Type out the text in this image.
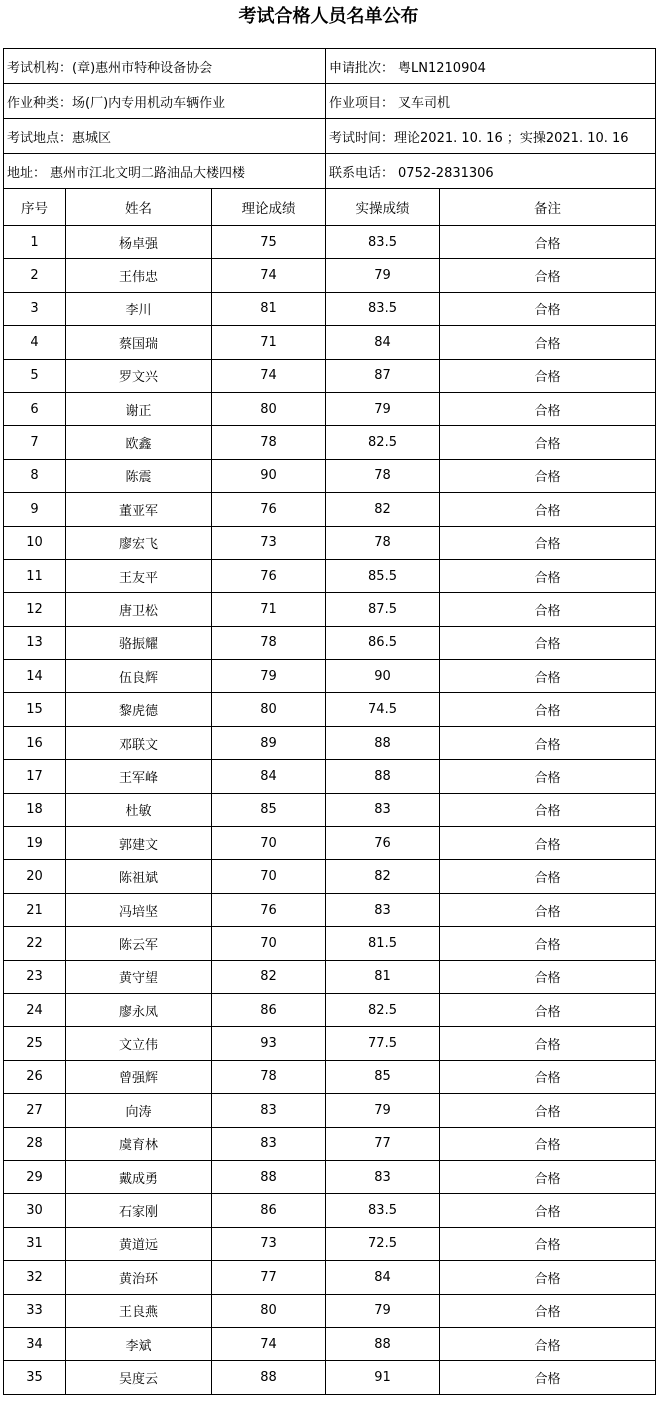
考试合格人员名单公布
考试机构：(章)惠州市特种设备协会			申请批次： 粤LN1210904	
作业种类：场(厂)内专用机动车辆作业			作业项目： 叉车司机	
考试地点：惠城区			考试时间：理论2021. 10. 16 ；实操2021. 10. 16	
地址： 惠州市江北文明二路油品大楼四楼			联系电话： 0752-2831306	
序号	姓名	理论成绩	实操成绩	备注
1	杨卓强	75	83.5	合格
2	王伟忠	74	79	合格
3	李川	81	83.5	合格
4	蔡国瑞	71	84	合格
5	罗文兴	74	87	合格
6	谢正	80	79	合格
7	欧鑫	78	82.5	合格
8	陈震	90	78	合格
9	董亚军	76	82	合格
10	廖宏飞	73	78	合格
11	王友平	76	85.5	合格
12	唐卫松	71	87.5	合格
13	骆振耀	78	86.5	合格
14	伍良辉	79	90	合格
15	黎虎德	80	74.5	合格
16	邓联文	89	88	合格
17	王军峰	84	88	合格
18	杜敏	85	83	合格
19	郭建文	70	76	合格
20	陈祖斌	70	82	合格
21	冯培坚	76	83	合格
22	陈云军	70	81.5	合格
23	黄守望	82	81	合格
24	廖永凤	86	82.5	合格
25	文立伟	93	77.5	合格
26	曾强辉	78	85	合格
27	向涛	83	79	合格
28	虞育林	83	77	合格
29	戴成勇	88	83	合格
30	石家刚	86	83.5	合格
31	黄道远	73	72.5	合格
32	黄治环	77	84	合格
33	王良燕	80	79	合格
34	李斌	74	88	合格
35	吴度云	88	91	合格
